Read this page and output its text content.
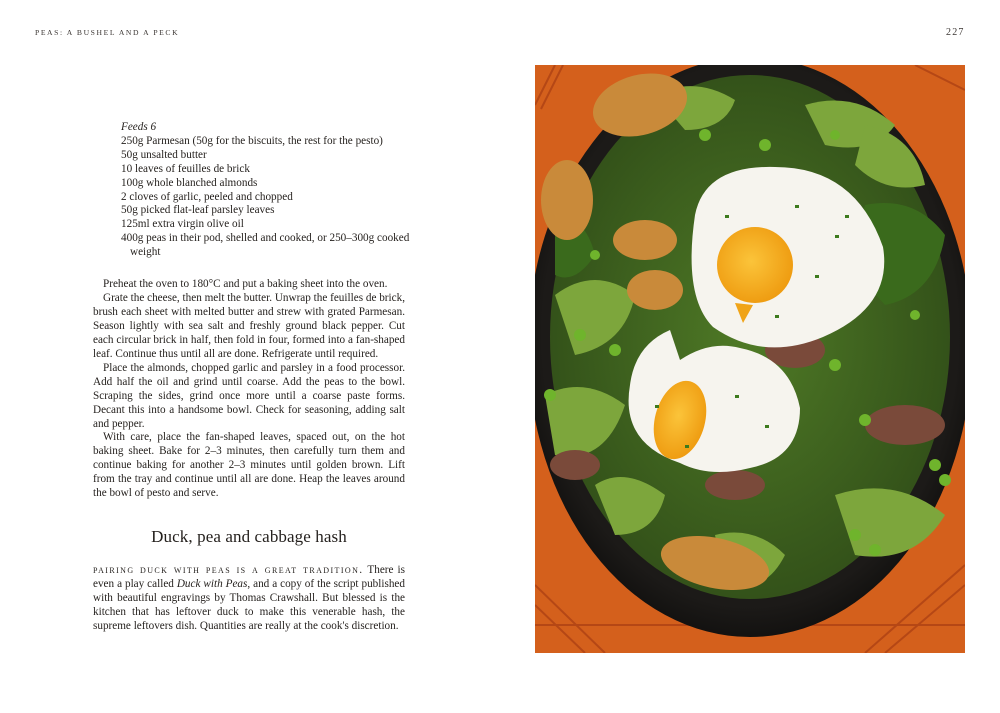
PEAS: A BUSHEL AND A PECK	227
Feeds 6
250g Parmesan (50g for the biscuits, the rest for the pesto)
50g unsalted butter
10 leaves of feuilles de brick
100g whole blanched almonds
2 cloves of garlic, peeled and chopped
50g picked flat-leaf parsley leaves
125ml extra virgin olive oil
400g peas in their pod, shelled and cooked, or 250–300g cooked weight

Preheat the oven to 180°C and put a baking sheet into the oven.

Grate the cheese, then melt the butter. Unwrap the feuilles de brick, brush each sheet with melted butter and strew with grated Parmesan. Season lightly with sea salt and freshly ground black pepper. Cut each circular brick in half, then fold in four, formed into a fan-shaped leaf. Continue thus until all are done. Refrigerate until required.

Place the almonds, chopped garlic and parsley in a food processor. Add half the oil and grind until coarse. Add the peas to the bowl. Scraping the sides, grind once more until a coarse paste forms. Decant this into a handsome bowl. Check for seasoning, adding salt and pepper.

With care, place the fan-shaped leaves, spaced out, on the hot baking sheet. Bake for 2–3 minutes, then carefully turn them and continue baking for another 2–3 minutes until golden brown. Lift from the tray and continue until all are done. Heap the leaves around the bowl of pesto and serve.

Duck, pea and cabbage hash

pairing duck with peas is a great tradition. There is even a play called Duck with Peas, and a copy of the script published with beautiful engravings by Thomas Crawshall. But blessed is the kitchen that has leftover duck to make this venerable hash, the supreme leftovers dish. Quantities are really at the cook's discretion.
